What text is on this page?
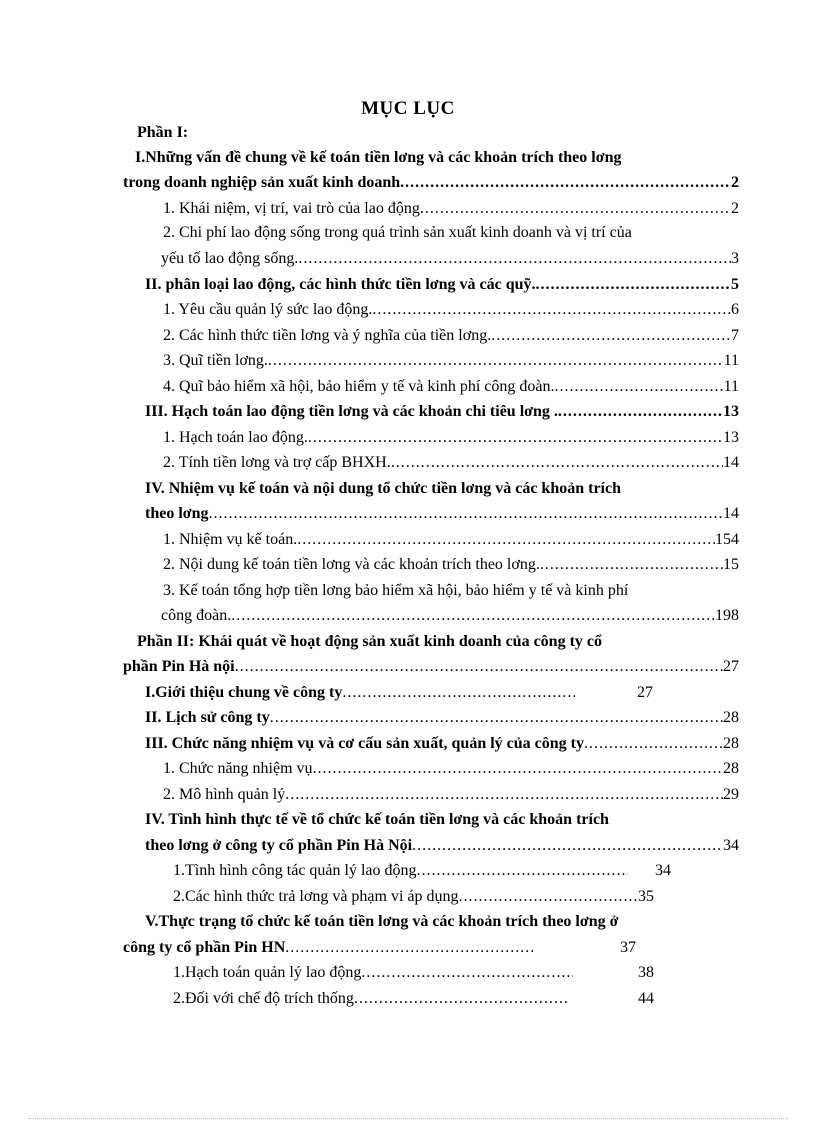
MỤC LỤC
Phần I:
I.Những vấn đề chung về kế toán tiền lơng và các khoản trích theo lơng
trong doanh nghiệp sản xuất kinh doanh .....	2
1. Khái niệm, vị trí, vai trò của lao động .....	2
2. Chi phí lao động sống trong quá trình sản xuất kinh doanh và vị trí của
yếu tố lao động sống. .....	3
II. phân loại lao động, các hình thức tiền lơng và các quỹ. .....	5
1. Yêu cầu quản lý sức lao động. .....	6
2. Các hình thức tiền lơng và ý nghĩa của tiền lơng. .....	7
3. Quĩ tiền lơng. .....	11
4. Quĩ bảo hiểm xã hội, bảo hiểm y tế và kinh phí công đoàn. .....	11
III. Hạch toán lao động tiền lơng và các khoản chi tiêu lơng . .....	13
1. Hạch toán lao động. .....	13
2. Tính tiền lơng và trợ cấp BHXH. .....	14
IV. Nhiệm vụ kế toán và nội dung tổ chức tiền lơng và các khoản trích
theo lơng .....	14
1. Nhiệm vụ kế toán. .....	154
2. Nội dung kế toán tiền lơng và các khoản trích theo lơng. .....	15
3. Kế toán tổng hợp tiền lơng bảo hiểm xã hội, bảo hiểm y tế và kinh phí
công đoàn. .....	198
Phần II: Khái quát về hoạt động sản xuất kinh doanh của công ty cổ
phần Pin Hà nội .....	27
I.Giới thiệu chung về công ty .....	27
II. Lịch sử công ty .....	28
III. Chức năng nhiệm vụ và cơ cấu sản xuất, quản lý của công ty .....	28
1. Chức năng nhiệm vụ .....	28
2. Mô hình quản lý .....	29
IV. Tình hình thực tế về tổ chức kế toán tiền lơng và các khoản trích
theo lơng ở công ty cổ phần Pin Hà Nội .....	34
1.Tình hình công tác quản lý lao động .....	34
2.Các hình thức trả lơng và phạm vi áp dụng .....	35
V.Thực trạng tổ chức kế toán tiền lơng và các khoản trích theo lơng ở
công ty cổ phần Pin HN .....	37
1.Hạch toán quản lý lao động .....	38
2.Đối với chế độ trích thống .....	44
